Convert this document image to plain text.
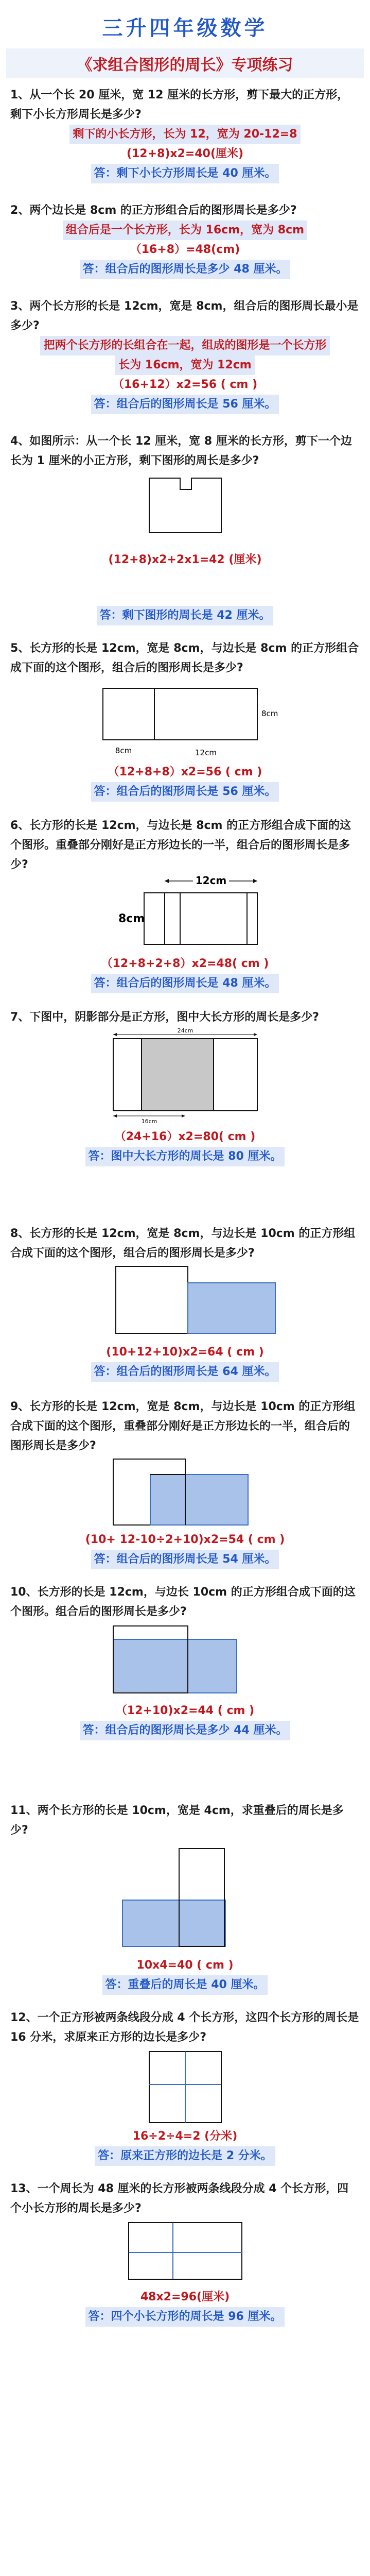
三升四年级数学
《求组合图形的周长》专项练习

1、从一个长 20 厘米，宽 12 厘米的长方形，剪下最大的正方形，剩下小长方形周长是多少?

剩下的小长方形，长为 12，宽为 20-12=8

(12+8)x2=40(厘米)

答：剩下小长方形周长是 40 厘米。

2、两个边长是 8cm 的正方形组合后的图形周长是多少?

组合后是一个长方形，长为 16cm，宽为 8cm

（16+8）=48(cm)

答：组合后的图形周长是多少 48 厘米。

3、两个长方形的长是 12cm，宽是 8cm，组合后的图形周长最小是多少?

把两个长方形的长组合在一起，组成的图形是一个长方形

长为 16cm，宽为 12cm

（16+12）x2=56 ( cm )

答：组合后的图形周长是 56 厘米。

4、如图所示：从一个长 12 厘米，宽 8 厘米的长方形，剪下一个边长为 1 厘米的小正方形，剩下图形的周长是多少?

(12+8)x2+2x1=42 (厘米)

答：剩下图形的周长是 42 厘米。

5、长方形的长是 12cm，宽是 8cm，与边长是 8cm 的正方形组合成下面的这个图形，组合后的图形周长是多少?

8cm
8cm	12cm

（12+8+8）x2=56 ( cm )

答：组合后的图形周长是 56 厘米。

6、长方形的长是 12cm，与边长是 8cm 的正方形组合成下面的这个图形。重叠部分刚好是正方形边长的一半，组合后的图形周长是多少?

12cm
8cm

（12+8+2+8）x2=48( cm )

答：组合后的图形周长是 48 厘米。

7、下图中，阴影部分是正方形，图中大长方形的周长是多少?

24cm
16cm

（24+16）x2=80( cm )

答：图中大长方形的周长是 80 厘米。

8、长方形的长是 12cm，宽是 8cm，与边长是 10cm 的正方形组合成下面的这个图形，组合后的图形周长是多少?

(10+12+10)x2=64 ( cm )

答：组合后的图形周长是 64 厘米。

9、长方形的长是 12cm，宽是 8cm，与边长是 10cm 的正方形组合成下面的这个图形，重叠部分刚好是正方形边长的一半，组合后的图形周长是多少?

(10+ 12-10÷2+10)x2=54 ( cm )

答：组合后的图形周长是 54 厘米。

10、长方形的长是 12cm，与边长 10cm 的正方形组合成下面的这个图形。组合后的图形周长是多少?

（12+10)x2=44 ( cm )

答：组合后的图形周长是多少 44 厘米。

11、两个长方形的长是 10cm，宽是 4cm，求重叠后的周长是多少?

10x4=40 ( cm )

答：重叠后的周长是 40 厘米。

12、一个正方形被两条线段分成 4 个长方形，这四个长方形的周长是 16 分米，求原来正方形的边长是多少?

16÷2÷4=2 (分米)

答：原来正方形的边长是 2 分米。

13、一个周长为 48 厘米的长方形被两条线段分成 4 个长方形，四个小长方形的周长是多少?

48x2=96(厘米)

答：四个小长方形的周长是 96 厘米。
